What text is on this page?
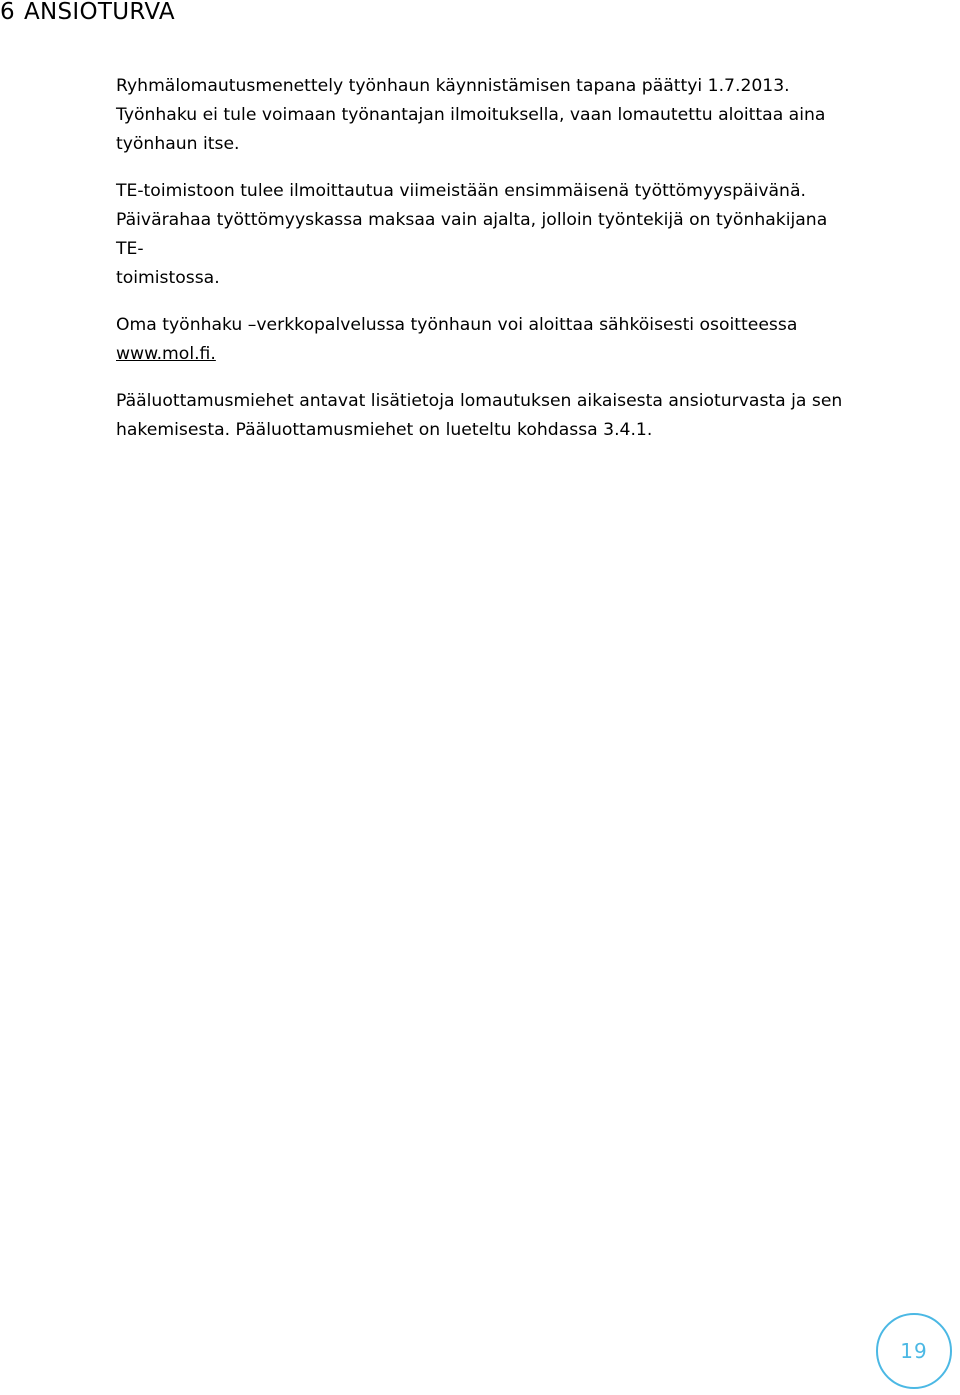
6 ANSIOTURVA

Ryhmälomautusmenettely työnhaun käynnistämisen tapana päättyi 1.7.2013.
Työnhaku ei tule voimaan työnantajan ilmoituksella, vaan lomautettu aloittaa aina
työnhaun itse.

TE-toimistoon tulee ilmoittautua viimeistään ensimmäisenä työttömyyspäivänä.
Päivärahaa työttömyyskassa maksaa vain ajalta, jolloin työntekijä on työnhakijana TE-
toimistossa.

Oma työnhaku –verkkopalvelussa työnhaun voi aloittaa sähköisesti osoitteessa
www.mol.fi.

Pääluottamusmiehet antavat lisätietoja lomautuksen aikaisesta ansioturvasta ja sen
hakemisesta. Pääluottamusmiehet on lueteltu kohdassa 3.4.1.

19
